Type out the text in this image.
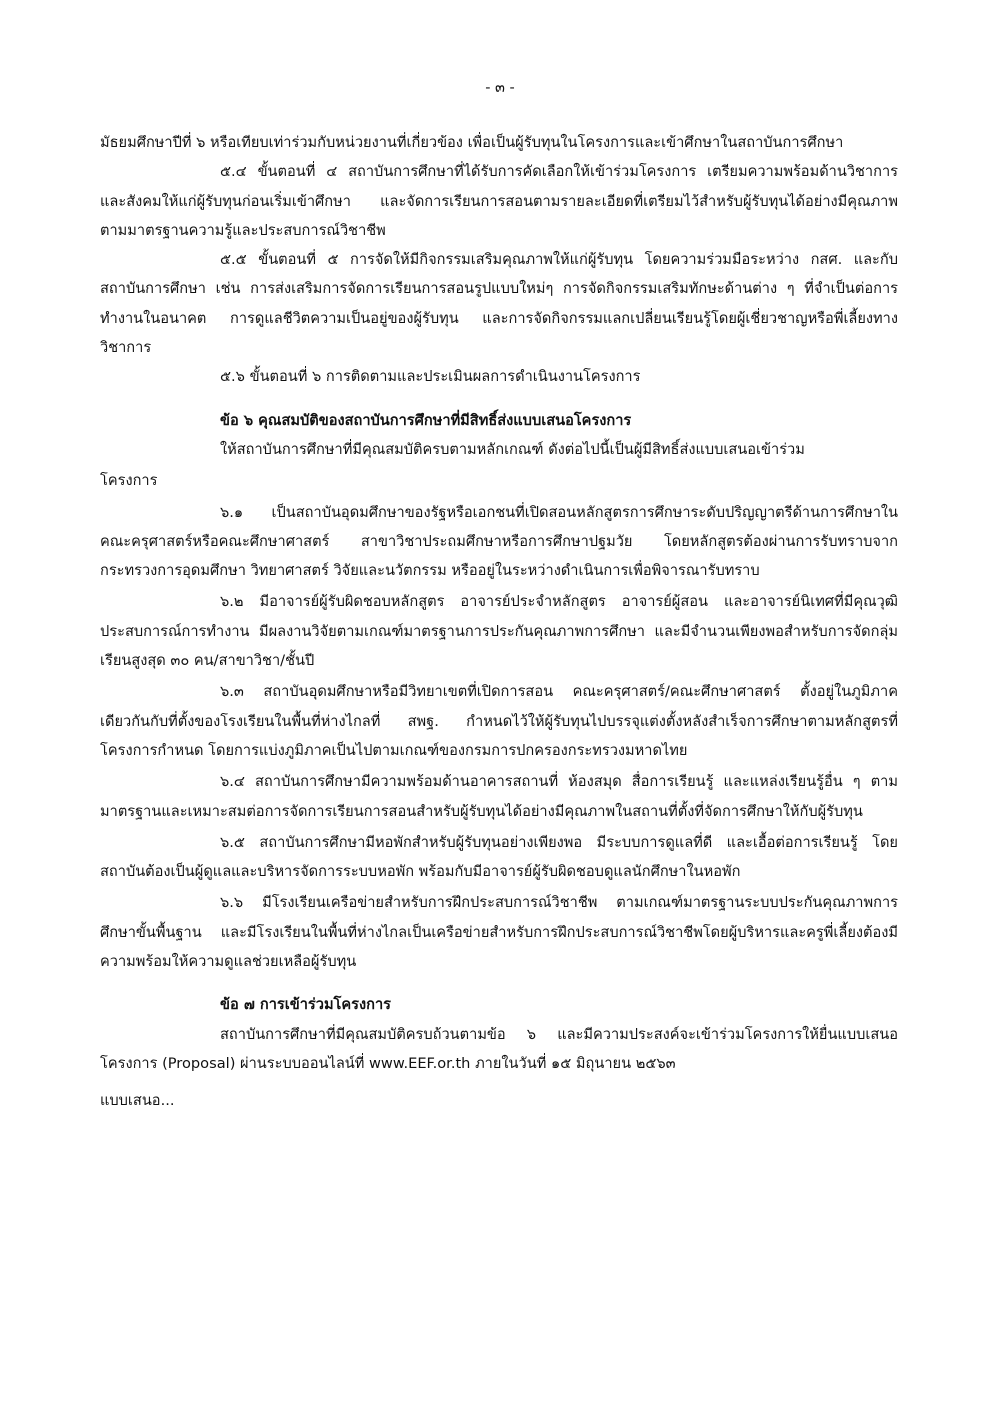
- ๓ -

มัธยมศึกษาปีที่ ๖ หรือเทียบเท่าร่วมกับหน่วยงานที่เกี่ยวข้อง เพื่อเป็นผู้รับทุนในโครงการและเข้าศึกษาในสถาบันการศึกษา

๕.๔ ขั้นตอนที่ ๔ สถาบันการศึกษาที่ได้รับการคัดเลือกให้เข้าร่วมโครงการ เตรียมความพร้อมด้านวิชาการและสังคมให้แก่ผู้รับทุนก่อนเริ่มเข้าศึกษา และจัดการเรียนการสอนตามรายละเอียดที่เตรียมไว้สำหรับผู้รับทุนได้อย่างมีคุณภาพตามมาตรฐานความรู้และประสบการณ์วิชาชีพ

๕.๕ ขั้นตอนที่ ๕ การจัดให้มีกิจกรรมเสริมคุณภาพให้แก่ผู้รับทุน โดยความร่วมมือระหว่าง กสศ. และกับสถาบันการศึกษา เช่น การส่งเสริมการจัดการเรียนการสอนรูปแบบใหม่ๆ การจัดกิจกรรมเสริมทักษะด้านต่าง ๆ ที่จำเป็นต่อการทำงานในอนาคต การดูแลชีวิตความเป็นอยู่ของผู้รับทุน และการจัดกิจกรรมแลกเปลี่ยนเรียนรู้โดยผู้เชี่ยวชาญหรือพี่เลี้ยงทางวิชาการ

๕.๖ ขั้นตอนที่ ๖ การติดตามและประเมินผลการดำเนินงานโครงการ

ข้อ ๖ คุณสมบัติของสถาบันการศึกษาที่มีสิทธิ์ส่งแบบเสนอโครงการ

ให้สถาบันการศึกษาที่มีคุณสมบัติครบตามหลักเกณฑ์ ดังต่อไปนี้เป็นผู้มีสิทธิ์ส่งแบบเสนอเข้าร่วม

โครงการ

๖.๑ เป็นสถาบันอุดมศึกษาของรัฐหรือเอกชนที่เปิดสอนหลักสูตรการศึกษาระดับปริญญาตรีด้านการศึกษาในคณะครุศาสตร์หรือคณะศึกษาศาสตร์ สาขาวิชาประถมศึกษาหรือการศึกษาปฐมวัย โดยหลักสูตรต้องผ่านการรับทราบจากกระทรวงการอุดมศึกษา วิทยาศาสตร์ วิจัยและนวัตกรรม หรืออยู่ในระหว่างดำเนินการเพื่อพิจารณารับทราบ

๖.๒ มีอาจารย์ผู้รับผิดชอบหลักสูตร อาจารย์ประจำหลักสูตร อาจารย์ผู้สอน และอาจารย์นิเทศที่มีคุณวุฒิประสบการณ์การทำงาน มีผลงานวิจัยตามเกณฑ์มาตรฐานการประกันคุณภาพการศึกษา และมีจำนวนเพียงพอสำหรับการจัดกลุ่มเรียนสูงสุด ๓๐ คน/สาขาวิชา/ชั้นปี

๖.๓ สถาบันอุดมศึกษาหรือมีวิทยาเขตที่เปิดการสอน คณะครุศาสตร์/คณะศึกษาศาสตร์ ตั้งอยู่ในภูมิภาคเดียวกันกับที่ตั้งของโรงเรียนในพื้นที่ห่างไกลที่ สพฐ. กำหนดไว้ให้ผู้รับทุนไปบรรจุแต่งตั้งหลังสำเร็จการศึกษาตามหลักสูตรที่โครงการกำหนด โดยการแบ่งภูมิภาคเป็นไปตามเกณฑ์ของกรมการปกครองกระทรวงมหาดไทย

๖.๔ สถาบันการศึกษามีความพร้อมด้านอาคารสถานที่ ห้องสมุด สื่อการเรียนรู้ และแหล่งเรียนรู้อื่น ๆ ตามมาตรฐานและเหมาะสมต่อการจัดการเรียนการสอนสำหรับผู้รับทุนได้อย่างมีคุณภาพในสถานที่ตั้งที่จัดการศึกษาให้กับผู้รับทุน

๖.๕ สถาบันการศึกษามีหอพักสำหรับผู้รับทุนอย่างเพียงพอ มีระบบการดูแลที่ดี และเอื้อต่อการเรียนรู้ โดยสถาบันต้องเป็นผู้ดูแลและบริหารจัดการระบบหอพัก พร้อมกับมีอาจารย์ผู้รับผิดชอบดูแลนักศึกษาในหอพัก

๖.๖ มีโรงเรียนเครือข่ายสำหรับการฝึกประสบการณ์วิชาชีพ ตามเกณฑ์มาตรฐานระบบประกันคุณภาพการศึกษาขั้นพื้นฐาน และมีโรงเรียนในพื้นที่ห่างไกลเป็นเครือข่ายสำหรับการฝึกประสบการณ์วิชาชีพโดยผู้บริหารและครูพี่เลี้ยงต้องมีความพร้อมให้ความดูแลช่วยเหลือผู้รับทุน

ข้อ ๗ การเข้าร่วมโครงการ

สถาบันการศึกษาที่มีคุณสมบัติครบถ้วนตามข้อ ๖ และมีความประสงค์จะเข้าร่วมโครงการให้ยื่นแบบเสนอโครงการ (Proposal) ผ่านระบบออนไลน์ที่ www.EEF.or.th ภายในวันที่ ๑๕ มิถุนายน ๒๕๖๓

แบบเสนอ...
